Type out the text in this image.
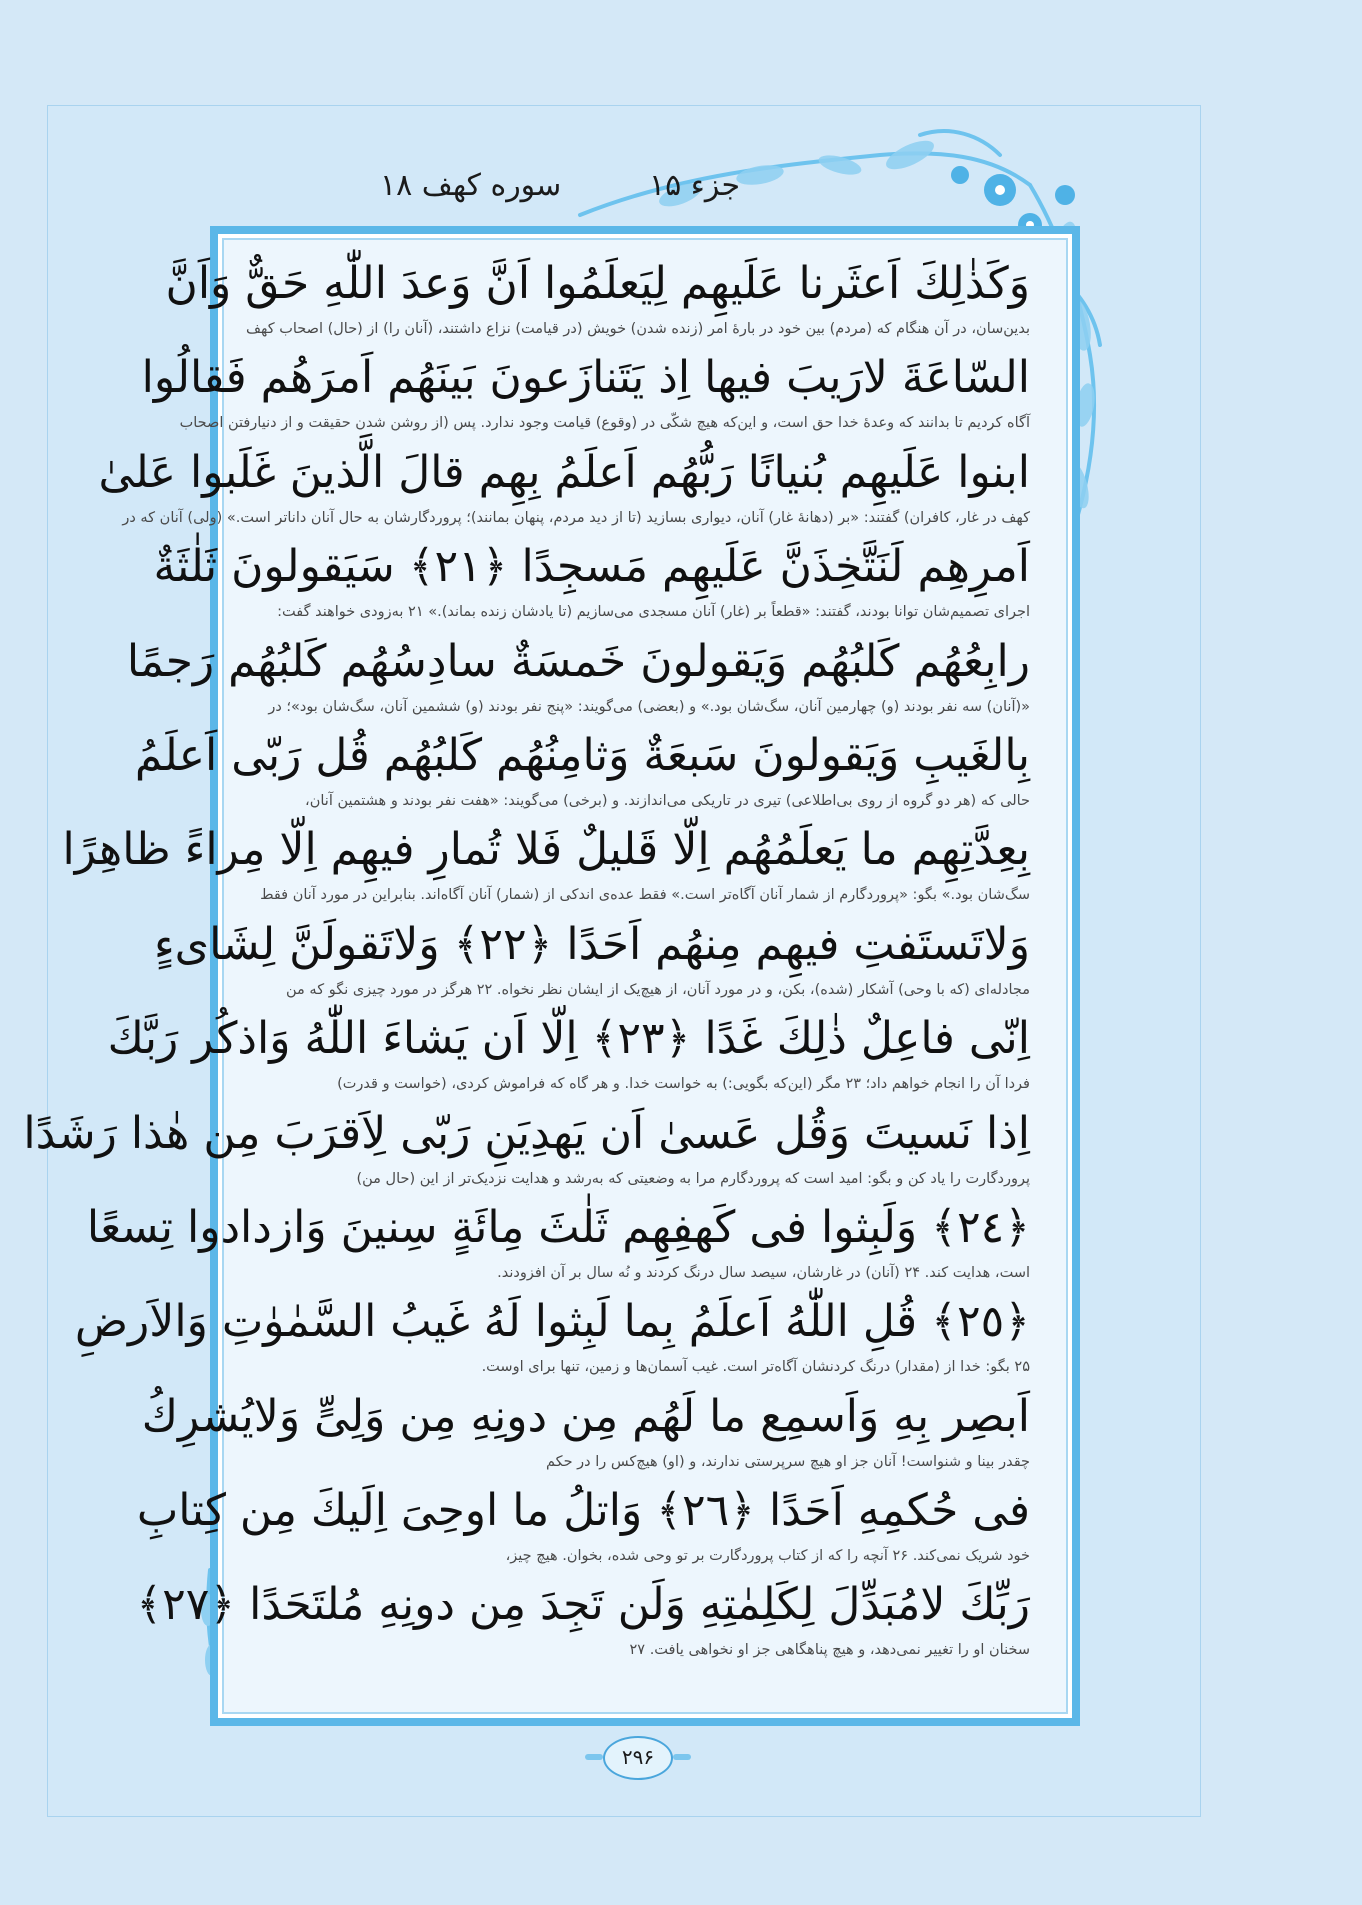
جزء ۱۵
سوره کهف ۱۸
وَكَذٰلِكَ اَعثَرنا عَلَيهِم لِيَعلَمُوا اَنَّ وَعدَ اللّٰهِ حَقٌّ وَاَنَّ
بدین‌سان، در آن هنگام که (مردم) بین خود در بارۀ امر (زنده شدن) خویش (در قیامت) نزاع داشتند، (آنان را) از (حال) اصحاب کهف
السّاعَةَ لارَيبَ فيها اِذ يَتَنازَعونَ بَينَهُم اَمرَهُم فَقالُوا
آگاه کردیم تا بدانند که وعدۀ خدا حق است، و این‌که هیچ شکّی در (وقوع) قیامت وجود ندارد. پس (از روشن شدن حقیقت و از دنیارفتن اصحاب
ابنوا عَلَيهِم بُنيانًا رَبُّهُم اَعلَمُ بِهِم قالَ الَّذينَ غَلَبوا عَلىٰ
کهف در غار، کافران) گفتند: «بر (دهانۀ غار) آنان، دیواری بسازید (تا از دید مردم، پنهان بمانند)؛ پروردگارشان به حال آنان داناتر است.» (ولی) آنان که در
اَمرِهِم لَنَتَّخِذَنَّ عَلَيهِم مَسجِدًا ﴿٢١﴾ سَيَقولونَ ثَلٰثَةٌ
اجرای تصمیم‌شان توانا بودند، گفتند: «قطعاً بر (غار) آنان مسجدی می‌سازیم (تا یادشان زنده بماند).» ۲۱ به‌زودی خواهند گفت:
رابِعُهُم كَلبُهُم وَيَقولونَ خَمسَةٌ سادِسُهُم كَلبُهُم رَجمًا
«(آنان) سه نفر بودند (و) چهارمین آنان، سگ‌شان بود.» و (بعضی) می‌گویند: «پنج نفر بودند (و) ششمین آنان، سگ‌شان بود»؛ در
بِالغَيبِ وَيَقولونَ سَبعَةٌ وَثامِنُهُم كَلبُهُم قُل رَبّى اَعلَمُ
حالی که (هر دو گروه از روی بی‌اطلاعی) تیری در تاریکی می‌اندازند. و (برخی) می‌گویند: «هفت نفر بودند و هشتمین آنان،
بِعِدَّتِهِم ما يَعلَمُهُم اِلّا قَليلٌ فَلا تُمارِ فيهِم اِلّا مِراءً ظاهِرًا
سگ‌شان بود.» بگو: «پروردگارم از شمار آنان آگاه‌تر است.» فقط عده‌ی اندکی از (شمار) آنان آگاه‌اند. بنابراین در مورد آنان فقط
وَلاتَستَفتِ فيهِم مِنهُم اَحَدًا ﴿٢٢﴾ وَلاتَقولَنَّ لِشَاىءٍ
مجادله‌ای (که با وحی) آشکار (شده)، بکن، و در مورد آنان، از هیچ‌یک از ایشان نظر نخواه. ۲۲ هرگز در مورد چیزی نگو که من
اِنّى فاعِلٌ ذٰلِكَ غَدًا ﴿٢٣﴾ اِلّا اَن يَشاءَ اللّٰهُ وَاذكُر رَبَّكَ
فردا آن را انجام خواهم داد؛ ۲۳ مگر (این‌که بگویی:) به خواست خدا. و هر گاه که فراموش کردی، (خواست و قدرت)
اِذا نَسيتَ وَقُل عَسىٰ اَن يَهدِيَنِ رَبّى لِاَقرَبَ مِن هٰذا رَشَدًا
پروردگارت را یاد کن و بگو: امید است که پروردگارم مرا به وضعیتی که به‌رشد و هدایت نزدیک‌تر از این (حال من)
﴿٢٤﴾ وَلَبِثوا فى كَهفِهِم ثَلٰثَ مِائَةٍ سِنينَ وَازدادوا تِسعًا
است، هدایت کند. ۲۴ (آنان) در غارشان، سیصد سال درنگ کردند و نُه سال بر آن افزودند.
﴿٢٥﴾ قُلِ اللّٰهُ اَعلَمُ بِما لَبِثوا لَهُ غَيبُ السَّمٰوٰتِ وَالاَرضِ
۲۵ بگو: خدا از (مقدار) درنگ کردنشان آگاه‌تر است. غیب آسمان‌ها و زمین، تنها برای اوست.
اَبصِر بِهِ وَاَسمِع ما لَهُم مِن دونِهِ مِن وَلِىٍّ وَلايُشرِكُ
چقدر بینا و شنواست! آنان جز او هیچ سرپرستی ندارند، و (او) هیچ‌کس را در حکم
فى حُكمِهِ اَحَدًا ﴿٢٦﴾ وَاتلُ ما اوحِىَ اِلَيكَ مِن كِتابِ
خود شریک نمی‌کند. ۲۶ آنچه را که از کتاب پروردگارت بر تو وحی شده، بخوان. هیچ چیز،
رَبِّكَ لامُبَدِّلَ لِكَلِمٰتِهِ وَلَن تَجِدَ مِن دونِهِ مُلتَحَدًا ﴿٢٧﴾
سخنان او را تغییر نمی‌دهد، و هیچ پناهگاهی جز او نخواهی یافت. ۲۷
۲۹۶
